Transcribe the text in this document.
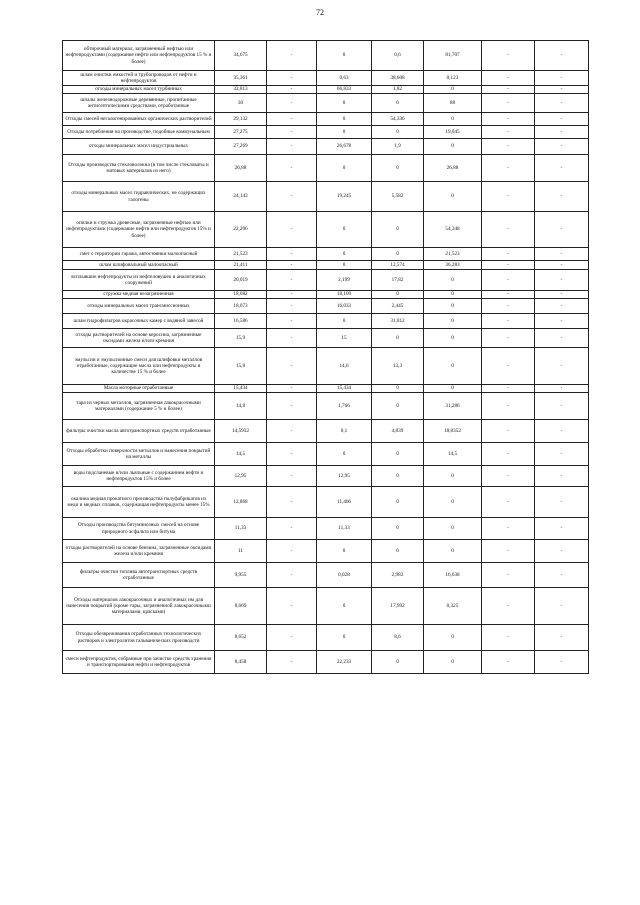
72
обтирочный материал, загрязненный нефтью или нефтепродуктами (содержание нефти или нефтепродуктов 15 % и более)	34,675	-	0	0,6	81,707	-	-
шлам очистки емкостей и трубопроводов от нефти и нефтепродуктов	35,361	-	0,63	38,608	0,123	-	-
отходы минеральных масел турбинных	32,813	-	66,833	1,82	0	-	-
шпалы железнодорожные деревянные, пропитанные антисептическими средствами, отработанные	30	-	0	0	88	-	-
Отходы смесей негалогенированных органических растворителей	29,132	-	0	54,336	0	-	-
Отходы потребления на производстве, подобные коммунальным	27,275	-	0	0	19,045	-	-
отходы минеральных масел индустриальных	27,269	-	26,678	1,9	0	-	-
Отходы производства стекловолокна (в том числе стекловаты и матовых материалов из него)	26,88	-	0	0	26,88	-	-
отходы минеральных масел гидравлических, не содержащих галогены	24,143	-	19,245	5,582	0	-	-
опилки и стружка древесные, загрязненные нефтью или нефтепродуктами (содержание нефти или нефтепродуктов 15% и более)	22,206	-	0	0	54,348	-	-
смет с территории гаража, автостоянки малоопасный	21,523	-	0	0	21,523	-	-
шлам шлифовальный малоопасный	21,411	-	0	12,574	36,283	-	-
всплывшие нефтепродукты из нефтеловушек и аналогичных сооружений	20,019	-	2,199	17,82	0	-	-
стружка медная незагрязненная	18,082	-	18,109	0	0	-	-
отходы минеральных масел трансмиссионных	18,073	-	16,033	2,445	0	-	-
шлам гидрофильтров окрасочных камер с водяной завесой	16,586	-	0	31,812	0	-	-
отходы растворителей на основе керосина, загрязненные оксидами железа и/или кремния	15,9	-	15	0	0	-	-
эмульсии и эмульсионные смеси для шлифовки металлов отработанные, содержащие масла или нефтепродукты в количестве 15 % и более	15,8	-	14,6	13,3	0	-	-
Масла моторные отработанные	15,434	-	15,434	0	0	-	-
тара из черных металлов, загрязненная лакокрасочными материалами (содержание 5 % и более)	14,8	-	1,766	0	31,286	-	-
фильтры очистки масла автотранспортных средств отработанные	14,5932	-	0,1	4,839	18,8352	-	-
Отходы обработки поверхности металлов и нанесения покрытий на металлы	14,5	-	0	0	14,5	-	-
воды подсланевые и/или льяльные с содержанием нефти и нефтепродуктов 15% и более	12,95	-	12,95	0	0	-	-
окалина медная прокатного производства полуфабрикатов из меди и медных сплавов, содержащая нефтепродукты менее 15%	12,868	-	11,466	0	0	-	-
Отходы производства битуминозных смесей на основе природного асфальта или битума	11,33	-	11,33	0	0	-	-
отходы растворителей на основе бензина, загрязненные оксидами железа и/или кремния	11	-	0	0	0	-	-
фильтры очистки топлива автотранспортных средств отработанные	9,955	-	0,028	2,983	16,638	-	-
Отходы материалов лакокрасочных и аналогичных им для нанесения покрытий (кроме тары, загрязненной лакокрасочными материалами, красками)	8,669	-	0	17,992	0,325	-	-
Отходы обезвреживания отработанных технологических растворов и электролитов гальванических производств	8,652	-	0	8,6	0	-	-
смеси нефтепродуктов, собранные при зачистке средств хранения и транспортирования нефти и нефтепродуктов	8,458	-	22,233	0	0	-	-
